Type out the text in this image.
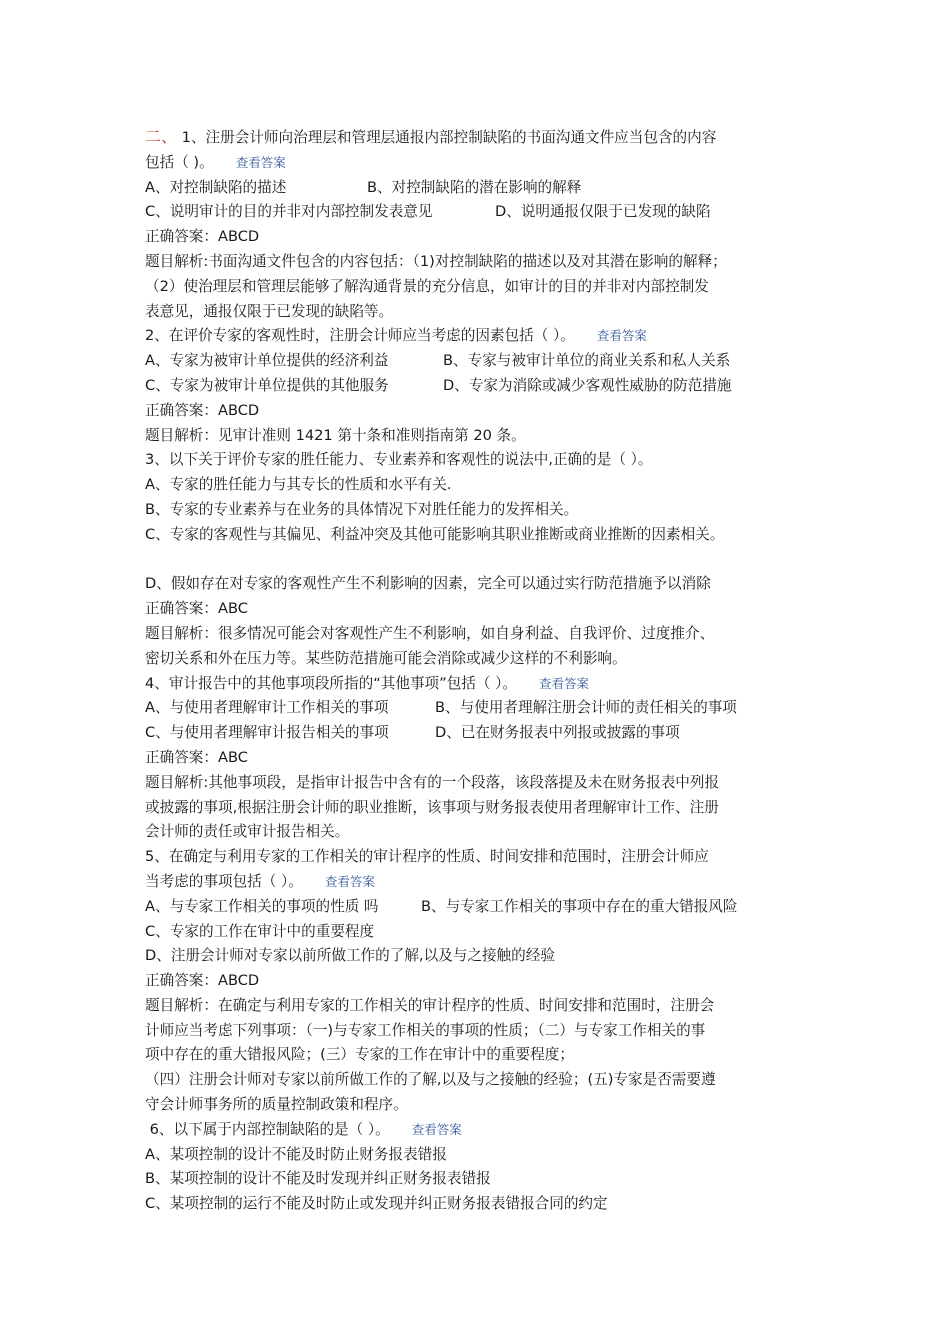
二、 1、注册会计师向治理层和管理层通报内部控制缺陷的书面沟通文件应当包含的内容
包括（ )。 查看答案
A、对控制缺陷的描述	B、对控制缺陷的潜在影响的解释
C、说明审计的目的并非对内部控制发表意见	D、说明通报仅限于已发现的缺陷
正确答案：ABCD
题目解析:书面沟通文件包含的内容包括：（1)对控制缺陷的描述以及对其潜在影响的解释；
（2）使治理层和管理层能够了解沟通背景的充分信息，如审计的目的并非对内部控制发
表意见，通报仅限于已发现的缺陷等。
2、在评价专家的客观性时，注册会计师应当考虑的因素包括（ ）。 查看答案
A、专家为被审计单位提供的经济利益	B、专家与被审计单位的商业关系和私人关系
C、专家为被审计单位提供的其他服务	D、专家为消除或减少客观性威胁的防范措施
正确答案：ABCD
题目解析：见审计准则 1421 第十条和准则指南第 20 条。
3、以下关于评价专家的胜任能力、专业素养和客观性的说法中,正确的是（ ）。
A、专家的胜任能力与其专长的性质和水平有关.
B、专家的专业素养与在业务的具体情况下对胜任能力的发挥相关。
C、专家的客观性与其偏见、利益冲突及其他可能影响其职业推断或商业推断的因素相关。
D、假如存在对专家的客观性产生不利影响的因素，完全可以通过实行防范措施予以消除
正确答案：ABC
题目解析：很多情况可能会对客观性产生不利影响，如自身利益、自我评价、过度推介、
密切关系和外在压力等。某些防范措施可能会消除或减少这样的不利影响。
4、审计报告中的其他事项段所指的“其他事项”包括（ ）。 查看答案
A、与使用者理解审计工作相关的事项	B、与使用者理解注册会计师的责任相关的事项
C、与使用者理解审计报告相关的事项	D、已在财务报表中列报或披露的事项
正确答案：ABC
题目解析:其他事项段，是指审计报告中含有的一个段落，该段落提及未在财务报表中列报
或披露的事项,根据注册会计师的职业推断，该事项与财务报表使用者理解审计工作、注册
会计师的责任或审计报告相关。
5、在确定与利用专家的工作相关的审计程序的性质、时间安排和范围时，注册会计师应
当考虑的事项包括（ ）。 查看答案
A、与专家工作相关的事项的性质 吗	B、与专家工作相关的事项中存在的重大错报风险
C、专家的工作在审计中的重要程度
D、注册会计师对专家以前所做工作的了解,以及与之接触的经验
正确答案：ABCD
题目解析：在确定与利用专家的工作相关的审计程序的性质、时间安排和范围时，注册会
计师应当考虑下列事项：（一)与专家工作相关的事项的性质；（二）与专家工作相关的事
项中存在的重大错报风险；(三）专家的工作在审计中的重要程度；
（四）注册会计师对专家以前所做工作的了解,以及与之接触的经验；(五)专家是否需要遵
守会计师事务所的质量控制政策和程序。
6、以下属于内部控制缺陷的是（ ）。 查看答案
A、某项控制的设计不能及时防止财务报表错报
B、某项控制的设计不能及时发现并纠正财务报表错报
C、某项控制的运行不能及时防止或发现并纠正财务报表错报合同的约定
